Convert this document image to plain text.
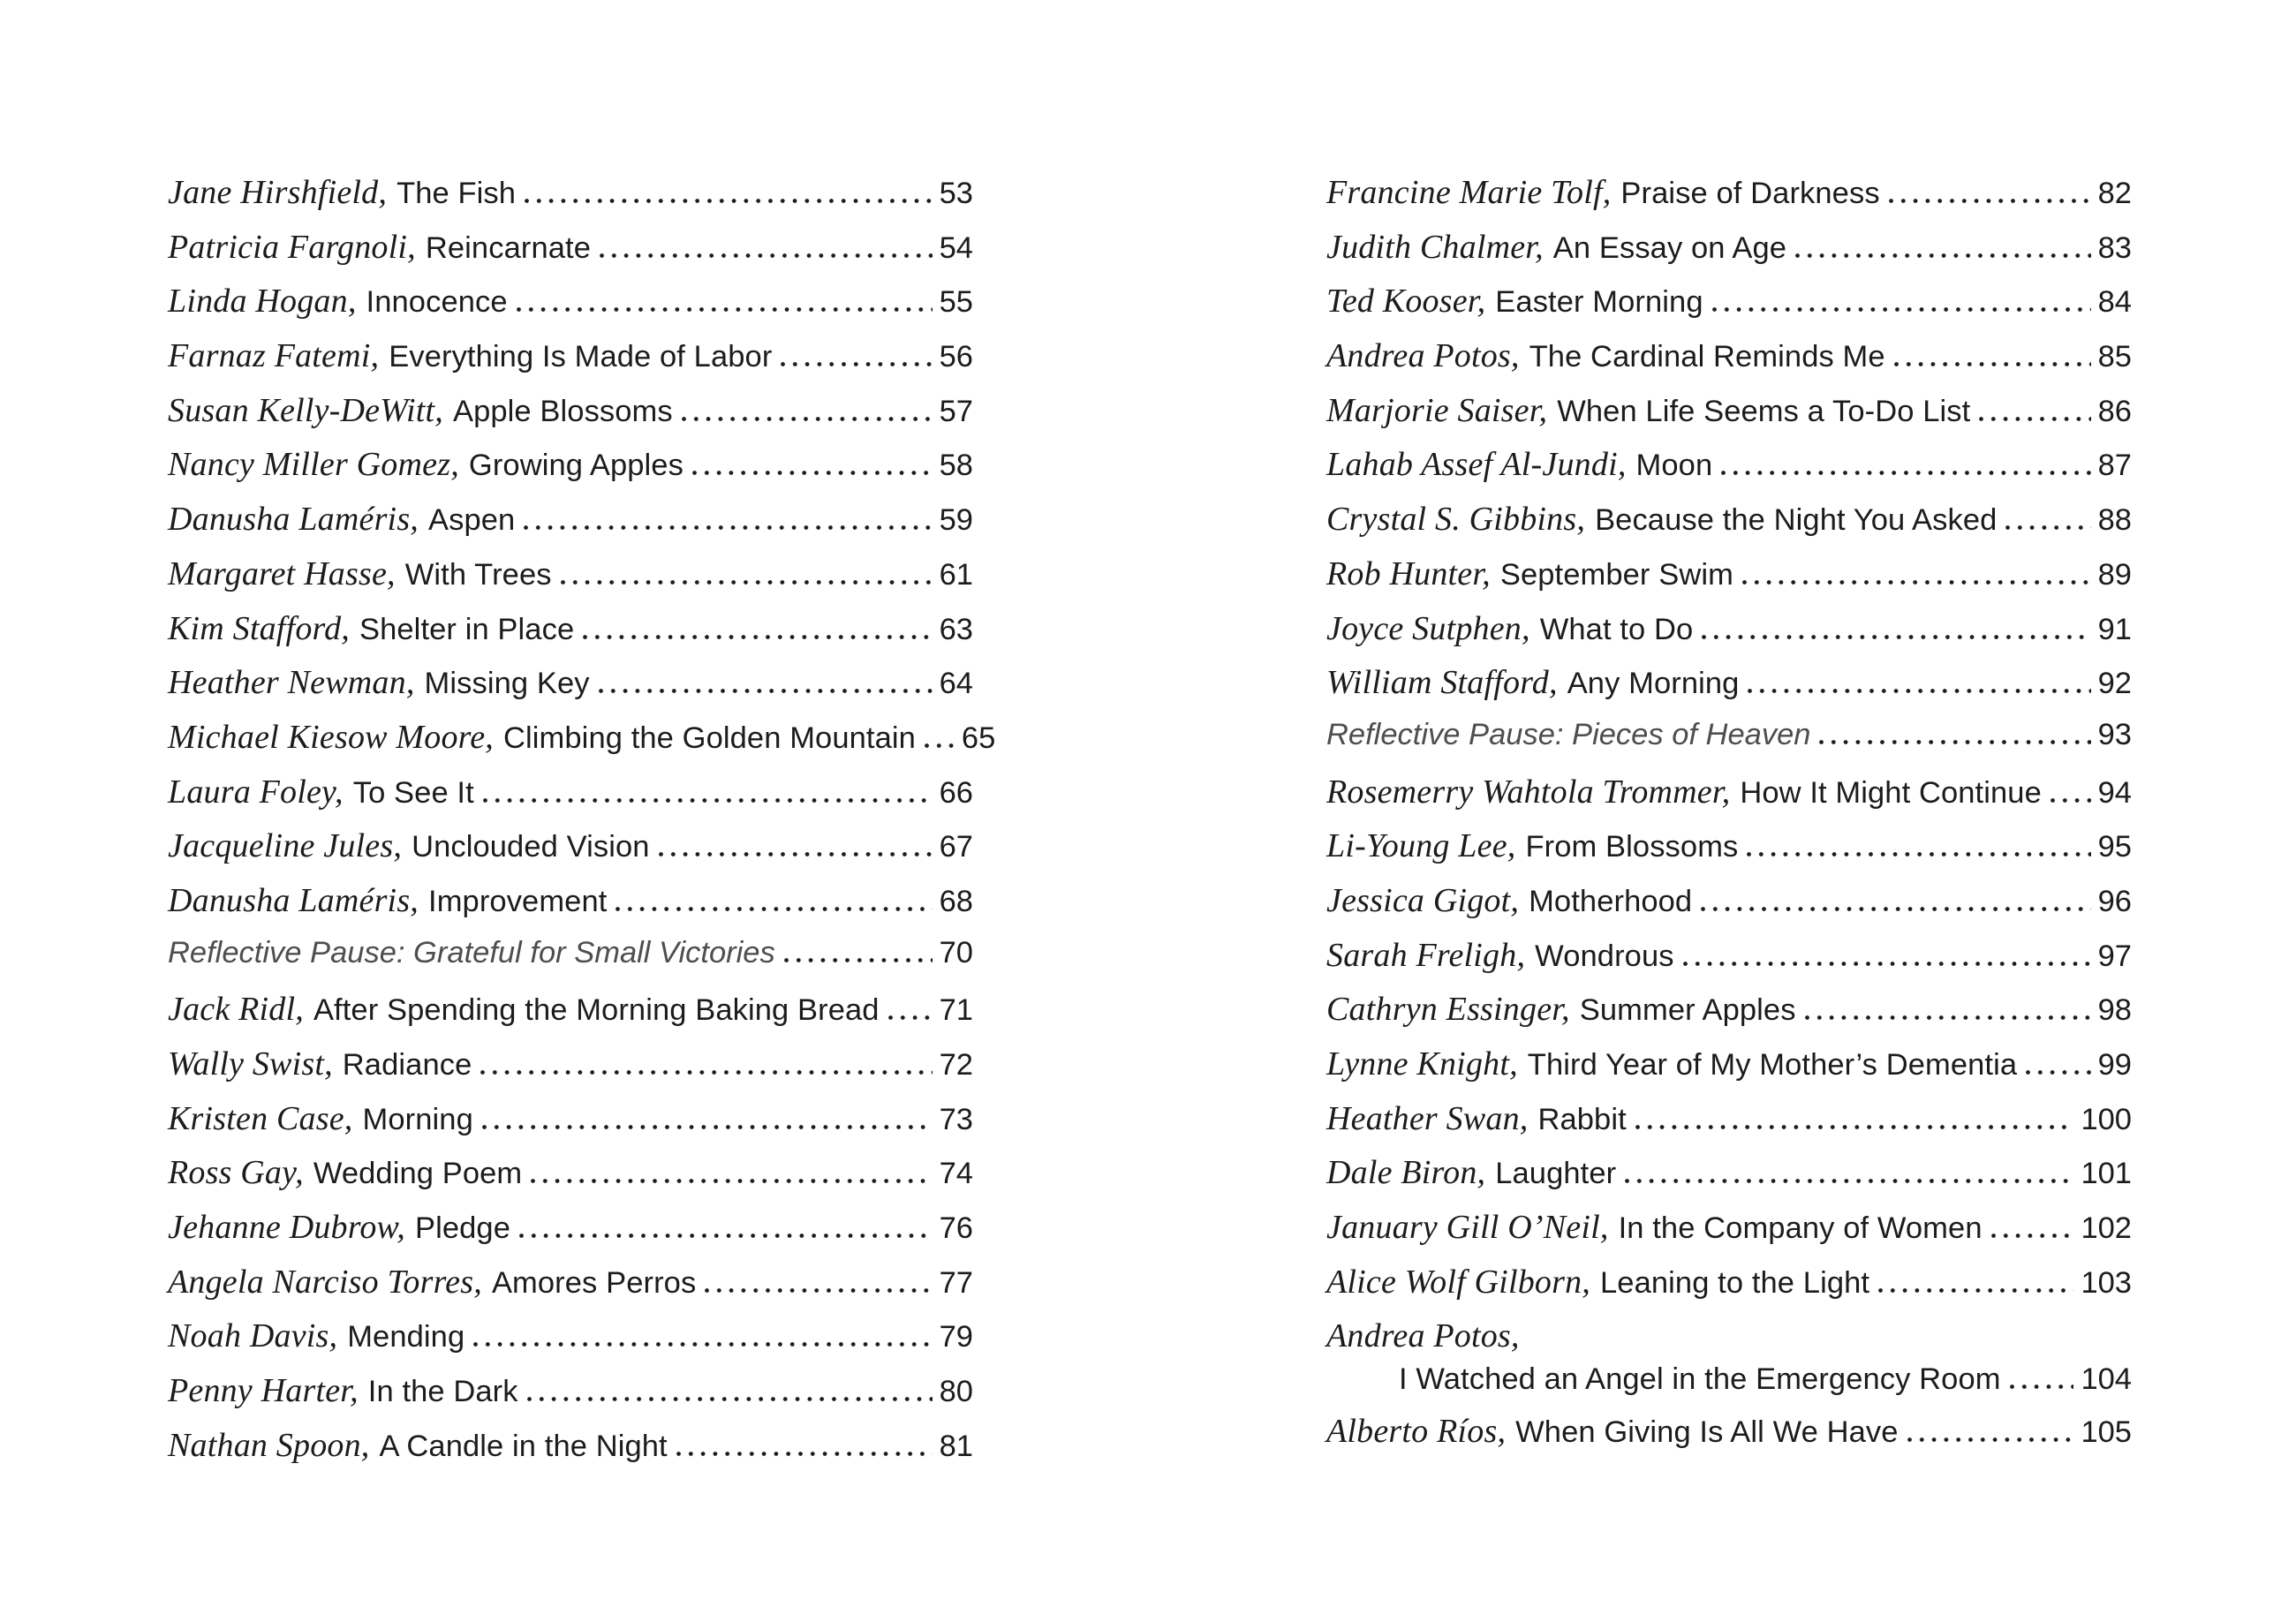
Jane Hirshfield, The Fish	53
Patricia Fargnoli, Reincarnate	54
Linda Hogan, Innocence	55
Farnaz Fatemi, Everything Is Made of Labor	56
Susan Kelly-DeWitt, Apple Blossoms	57
Nancy Miller Gomez, Growing Apples	58
Danusha Laméris, Aspen	59
Margaret Hasse, With Trees	61
Kim Stafford, Shelter in Place	63
Heather Newman, Missing Key	64
Michael Kiesow Moore, Climbing the Golden Mountain 65
Laura Foley, To See It	66
Jacqueline Jules, Unclouded Vision	67
Danusha Laméris, Improvement	68
Reflective Pause: Grateful for Small Victories	70
Jack Ridl, After Spending the Morning Baking Bread 71
Wally Swist, Radiance	72
Kristen Case, Morning	73
Ross Gay, Wedding Poem	74
Jehanne Dubrow, Pledge	76
Angela Narciso Torres, Amores Perros	77
Noah Davis, Mending	79
Penny Harter, In the Dark	80
Nathan Spoon, A Candle in the Night	81
Francine Marie Tolf, Praise of Darkness	82
Judith Chalmer, An Essay on Age	83
Ted Kooser, Easter Morning	84
Andrea Potos, The Cardinal Reminds Me	85
Marjorie Saiser, When Life Seems a To-Do List	86
Lahab Assef Al-Jundi, Moon	87
Crystal S. Gibbins, Because the Night You Asked	88
Rob Hunter, September Swim	89
Joyce Sutphen, What to Do	91
William Stafford, Any Morning	92
Reflective Pause: Pieces of Heaven	93
Rosemerry Wahtola Trommer, How It Might Continue 94
Li-Young Lee, From Blossoms	95
Jessica Gigot, Motherhood	96
Sarah Freligh, Wondrous	97
Cathryn Essinger, Summer Apples	98
Lynne Knight, Third Year of My Mother’s Dementia	99
Heather Swan, Rabbit	100
Dale Biron, Laughter	101
January Gill O’Neil, In the Company of Women	102
Alice Wolf Gilborn, Leaning to the Light	103
Andrea Potos,
I Watched an Angel in the Emergency Room	104
Alberto Ríos, When Giving Is All We Have	105
